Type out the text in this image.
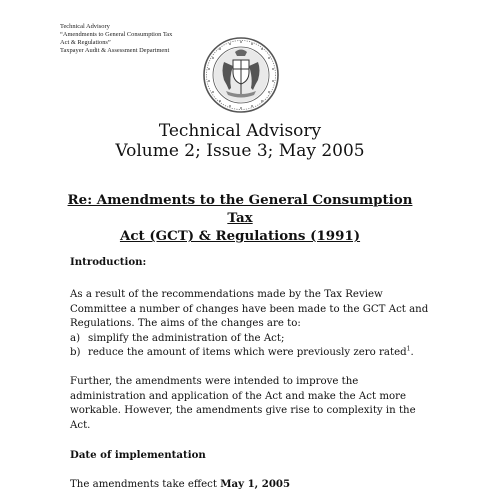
Technical Advisory
“Amendments to General Consumption Tax
Act & Regulations”
Taxpayer Audit & Assessment Department
Technical Advisory
Volume 2; Issue 3; May 2005
Re: Amendments to the General Consumption Tax
Act (GCT) & Regulations (1991)

Introduction:

As a result of the recommendations made by the Tax Review Committee a number of changes have been made to the GCT Act and Regulations. The aims of the changes are to:

a) simplify the administration of the Act;
b) reduce the amount of items which were previously zero rated$^1$.

Further, the amendments were intended to improve the administration and application of the Act and make the Act more workable. However, the amendments give rise to complexity in the Act.

Date of implementation

The amendments take effect May 1, 2005
